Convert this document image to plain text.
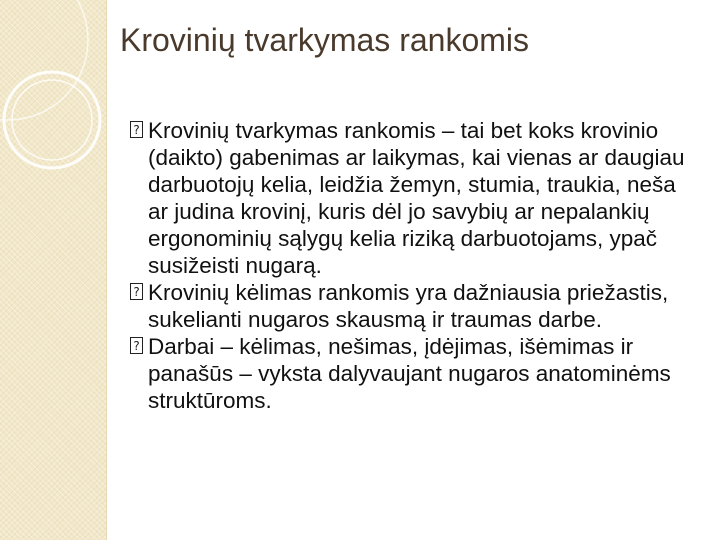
Krovinių tvarkymas rankomis

? Krovinių tvarkymas rankomis – tai bet koks krovinio (daikto) gabenimas ar laikymas, kai vienas ar daugiau darbuotojų kelia, leidžia žemyn, stumia, traukia, neša ar judina krovinį, kuris dėl jo savybių ar nepalankių ergonominių sąlygų kelia riziką darbuotojams, ypač susižeisti nugarą.

? Krovinių kėlimas rankomis yra dažniausia priežastis, sukelianti nugaros skausmą ir traumas darbe.

? Darbai – kėlimas, nešimas, įdėjimas, išėmimas ir panašūs – vyksta dalyvaujant nugaros anatominėms struktūroms.
